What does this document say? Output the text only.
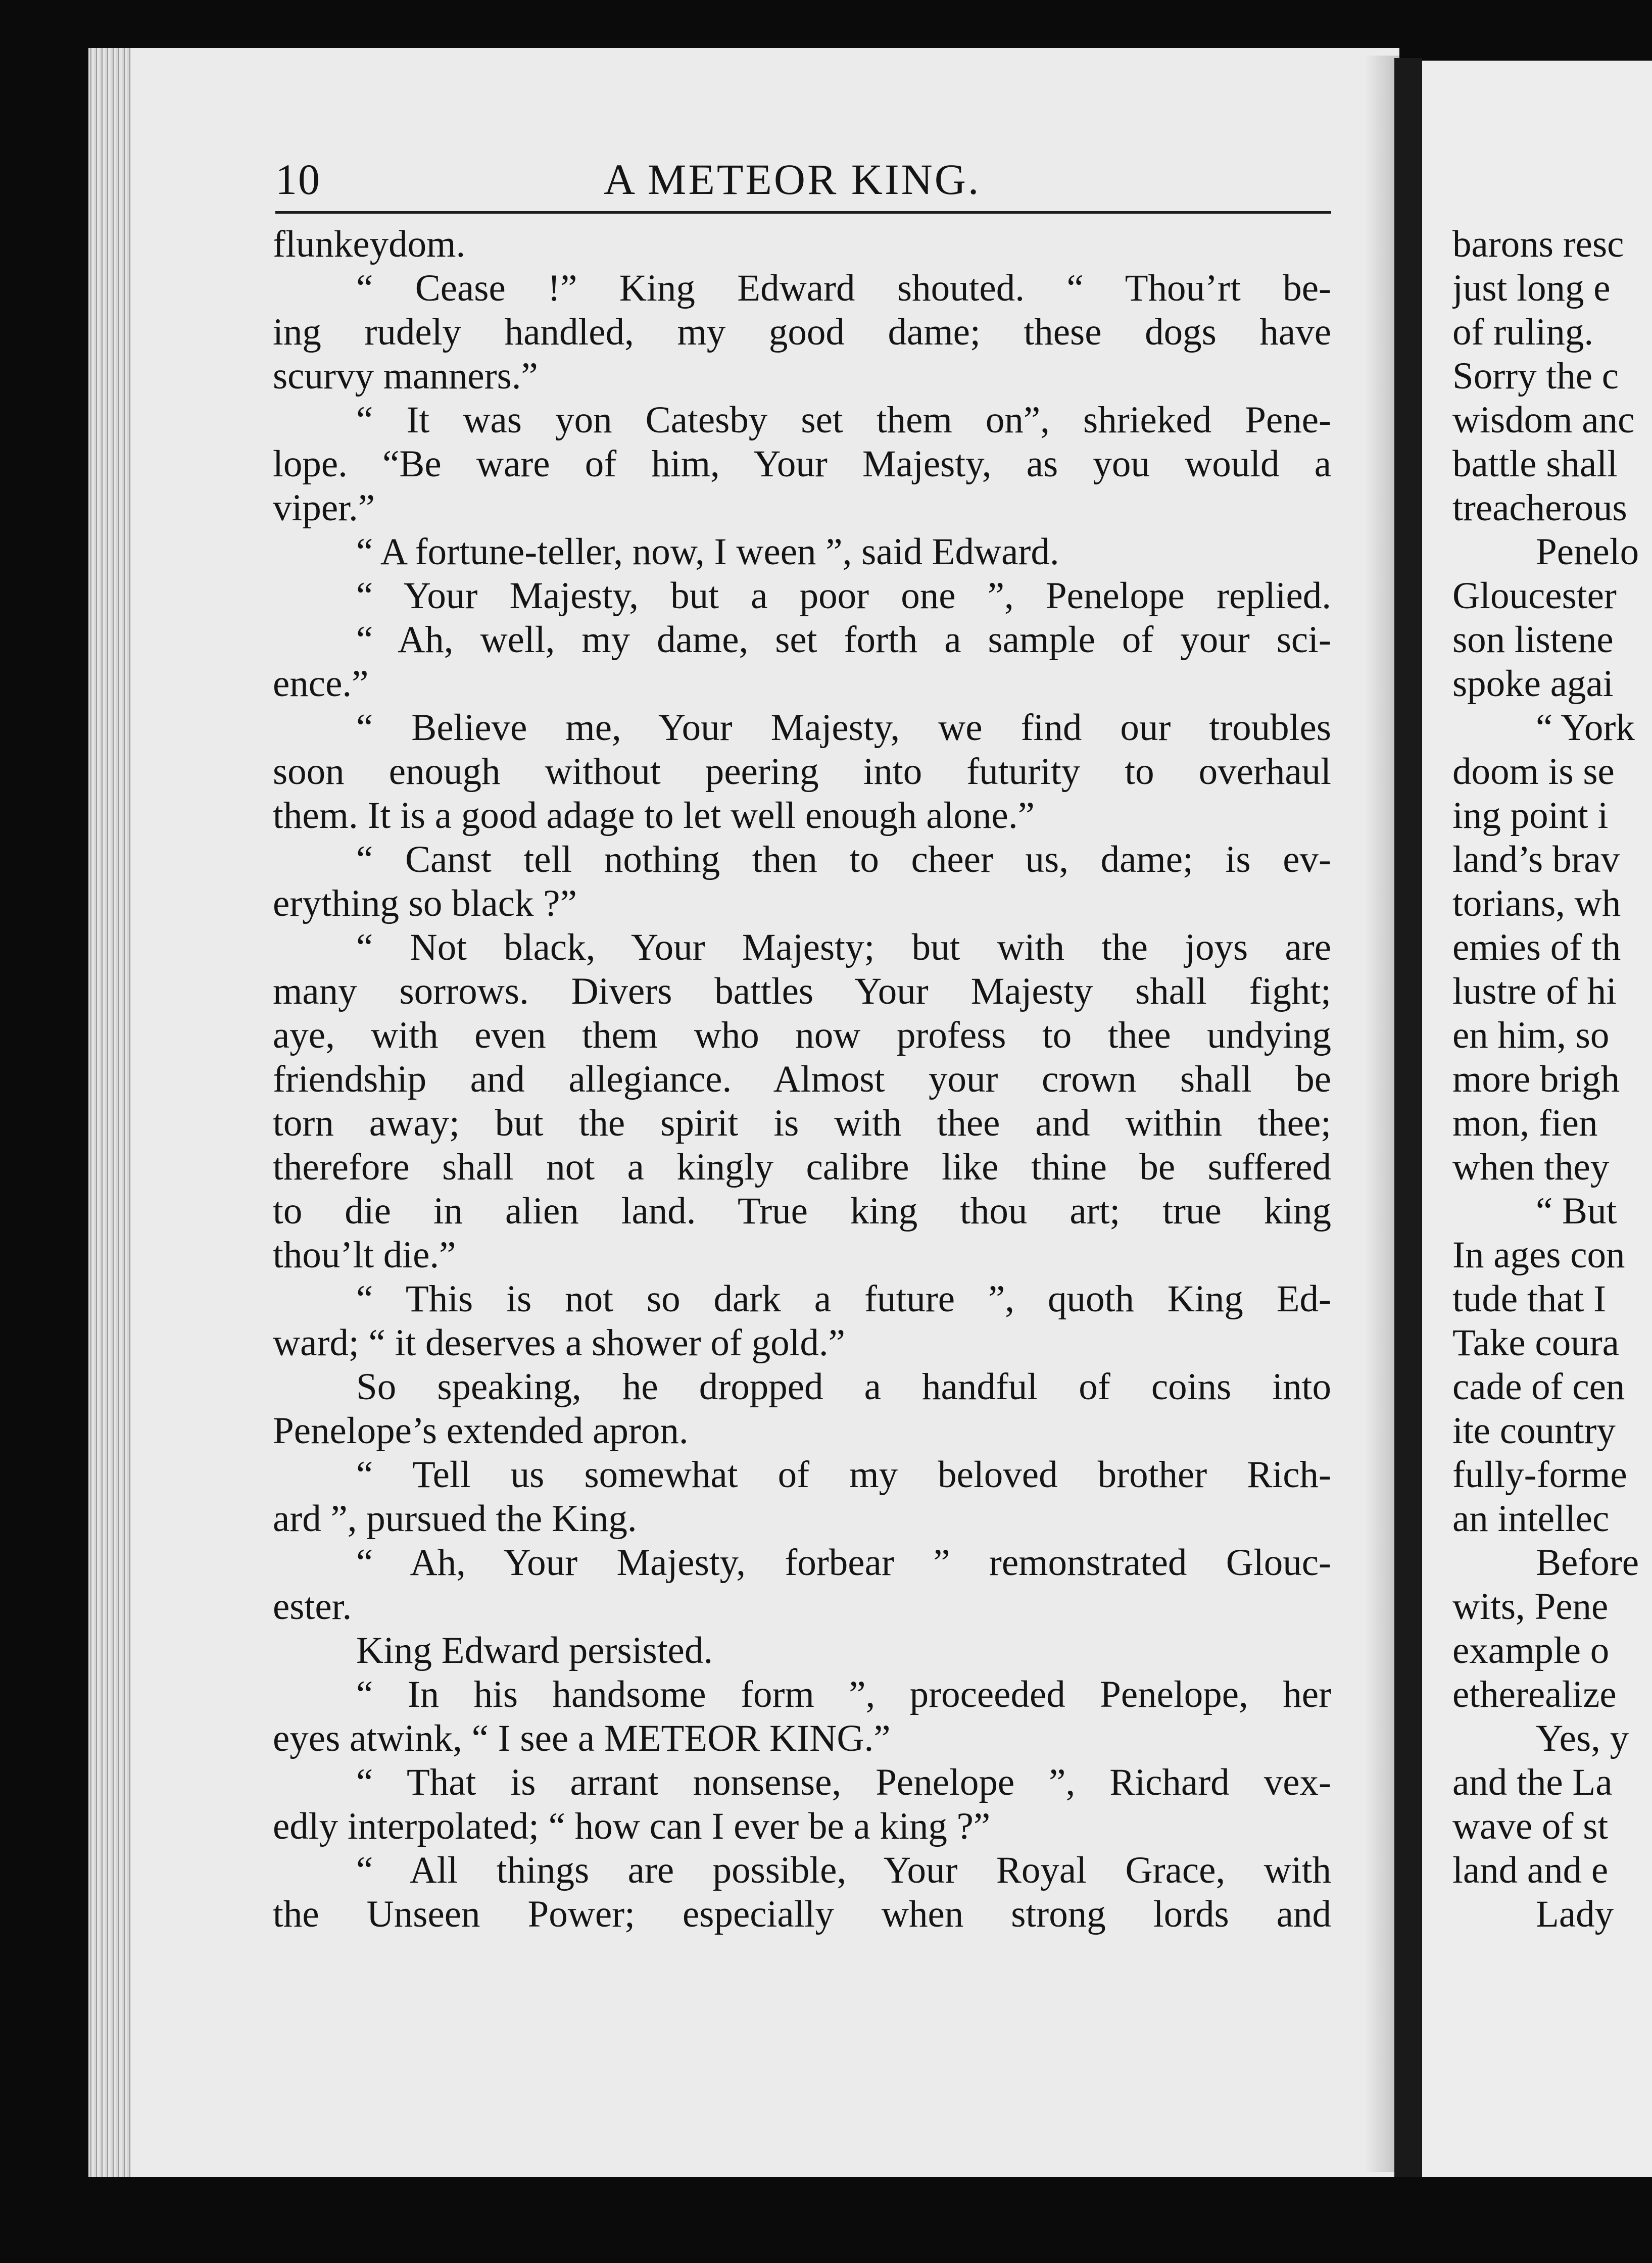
10	A METEOR KING.
flunkeydom.
“ Cease !” King Edward shouted. “ Thou’rt be-
ing rudely handled, my good dame; these dogs have
scurvy manners.”
“ It was yon Catesby set them on”, shrieked Pene-
lope. “Be ware of him, Your Majesty, as you would a
viper.”
“ A fortune-teller, now, I ween ”, said Edward.
“ Your Majesty, but a poor one ”, Penelope replied.
“ Ah, well, my dame, set forth a sample of your sci-
ence.”
“ Believe me, Your Majesty, we find our troubles
soon enough without peering into futurity to overhaul
them. It is a good adage to let well enough alone.”
“ Canst tell nothing then to cheer us, dame; is ev-
erything so black ?”
“ Not black, Your Majesty; but with the joys are
many sorrows. Divers battles Your Majesty shall fight;
aye, with even them who now profess to thee undying
friendship and allegiance. Almost your crown shall be
torn away; but the spirit is with thee and within thee;
therefore shall not a kingly calibre like thine be suffered
to die in alien land. True king thou art; true king
thou’lt die.”
“ This is not so dark a future ”, quoth King Ed-
ward; “ it deserves a shower of gold.”
So speaking, he dropped a handful of coins into
Penelope’s extended apron.
“ Tell us somewhat of my beloved brother Rich-
ard ”, pursued the King.
“ Ah, Your Majesty, forbear ” remonstrated Glouc-
ester.
King Edward persisted.
“ In his handsome form ”, proceeded Penelope, her
eyes atwink, “ I see a METEOR KING.”
“ That is arrant nonsense, Penelope ”, Richard vex-
edly interpolated; “ how can I ever be a king ?”
“ All things are possible, Your Royal Grace, with
the Unseen Power; especially when strong lords and
barons resc
just long e
of ruling.
Sorry the c
wisdom anc
battle shall
treacherous
Penelo
Gloucester
son listene
spoke agai
“ York
doom is se
ing point i
land’s brav
torians, wh
emies of th
lustre of hi
en him, so
more brigh
mon, fien
when they
“ But
In ages con
tude that I
Take coura
cade of cen
ite country
fully-forme
an intellec
Before
wits, Pene
example o
etherealize
Yes, y
and the La
wave of st
land and e
Lady
